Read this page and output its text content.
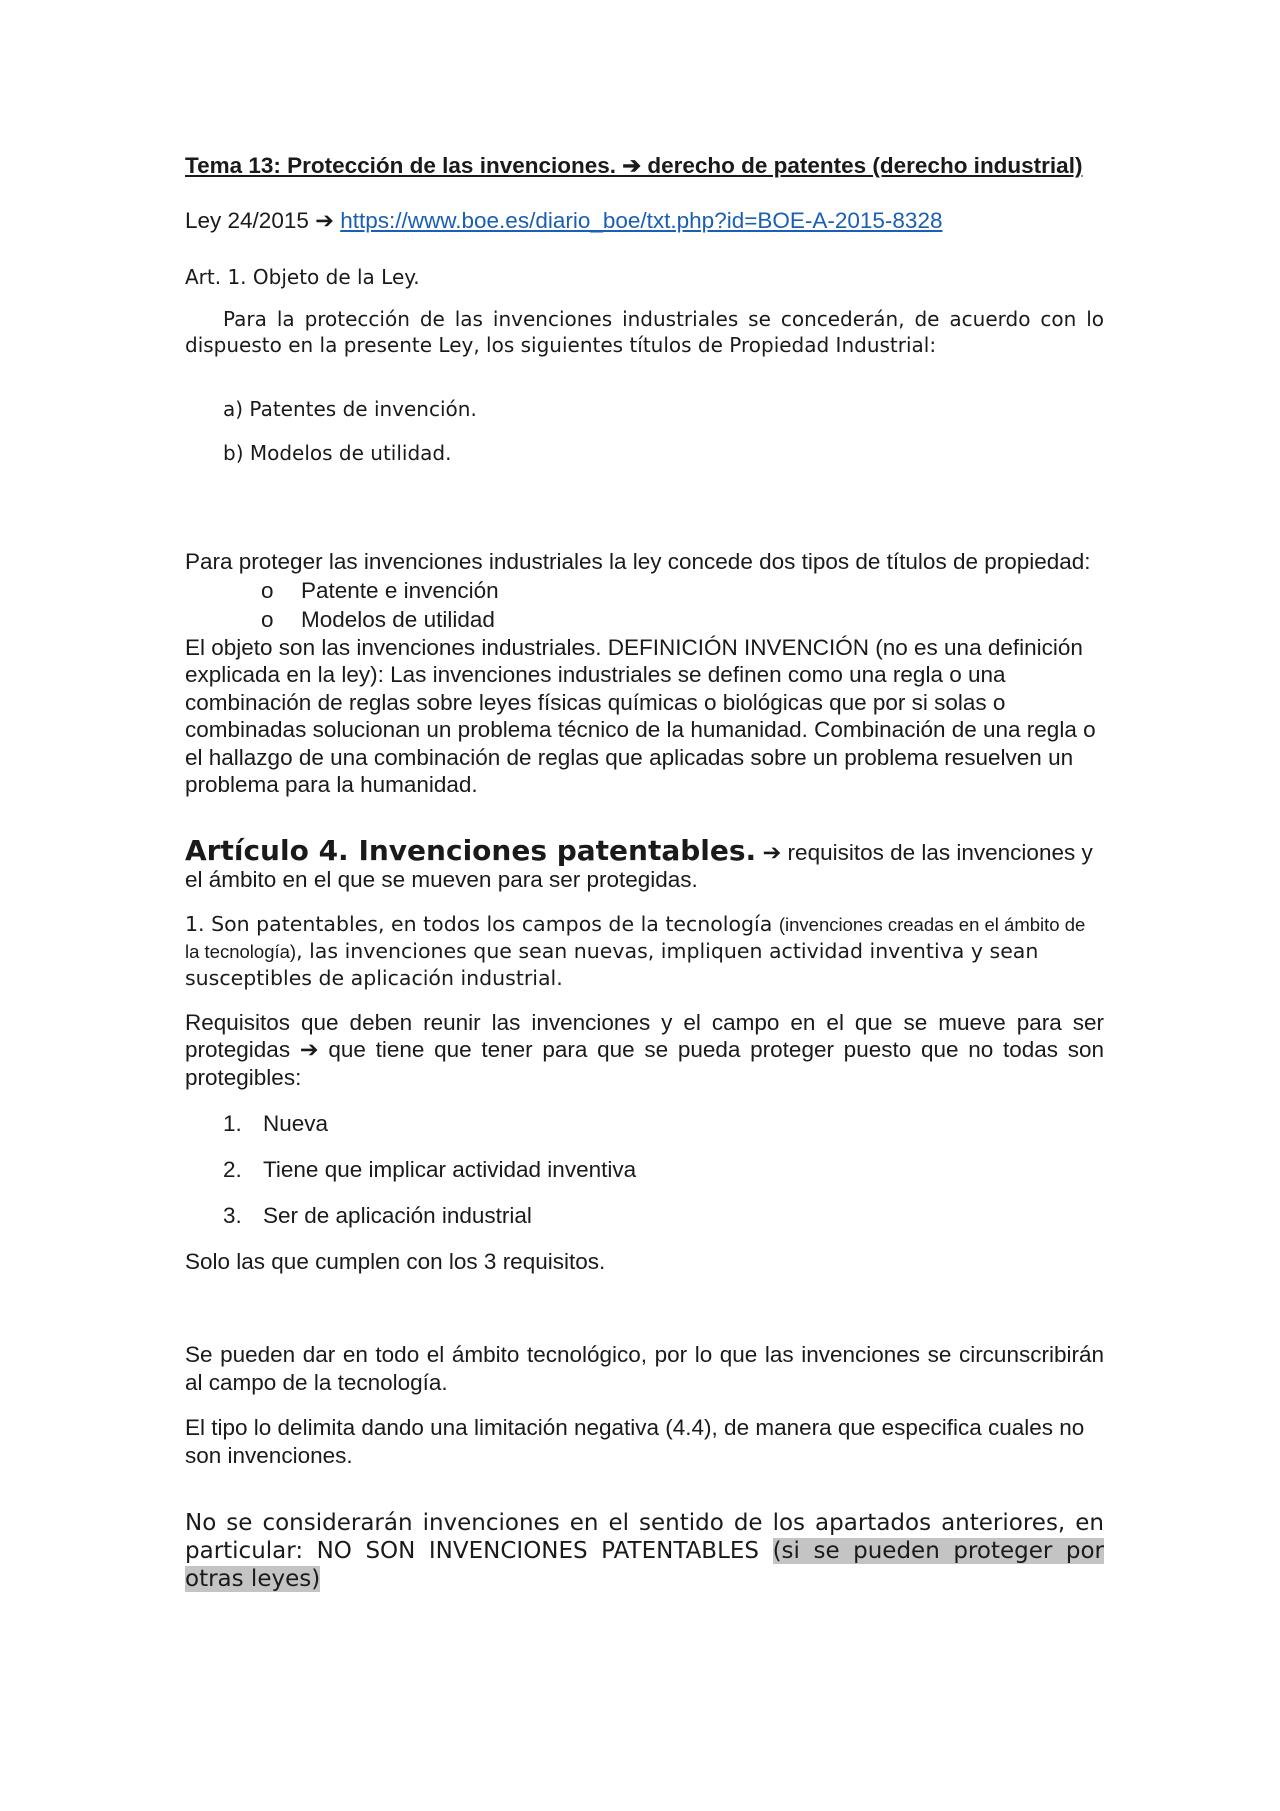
Tema 13: Protección de las invenciones. ➔ derecho de patentes (derecho industrial)

Ley 24/2015 ➔ https://www.boe.es/diario_boe/txt.php?id=BOE-A-2015-8328

Art. 1. Objeto de la Ley.

Para la protección de las invenciones industriales se concederán, de acuerdo con lo dispuesto en la presente Ley, los siguientes títulos de Propiedad Industrial:

a) Patentes de invención.

b) Modelos de utilidad.

Para proteger las invenciones industriales la ley concede dos tipos de títulos de propiedad:

o Patente e invención
o Modelos de utilidad

El objeto son las invenciones industriales. DEFINICIÓN INVENCIÓN (no es una definición explicada en la ley): Las invenciones industriales se definen como una regla o una combinación de reglas sobre leyes físicas químicas o biológicas que por si solas o combinadas solucionan un problema técnico de la humanidad. Combinación de una regla o el hallazgo de una combinación de reglas que aplicadas sobre un problema resuelven un problema para la humanidad.

Artículo 4. Invenciones patentables. ➔ requisitos de las invenciones y el ámbito en el que se mueven para ser protegidas.

1. Son patentables, en todos los campos de la tecnología (invenciones creadas en el ámbito de la tecnología), las invenciones que sean nuevas, impliquen actividad inventiva y sean susceptibles de aplicación industrial.

Requisitos que deben reunir las invenciones y el campo en el que se mueve para ser protegidas ➔ que tiene que tener para que se pueda proteger puesto que no todas son protegibles:

1. Nueva
2. Tiene que implicar actividad inventiva
3. Ser de aplicación industrial

Solo las que cumplen con los 3 requisitos.

Se pueden dar en todo el ámbito tecnológico, por lo que las invenciones se circunscribirán al campo de la tecnología.

El tipo lo delimita dando una limitación negativa (4.4), de manera que especifica cuales no son invenciones.

No se considerarán invenciones en el sentido de los apartados anteriores, en particular: NO SON INVENCIONES PATENTABLES (si se pueden proteger por otras leyes)
